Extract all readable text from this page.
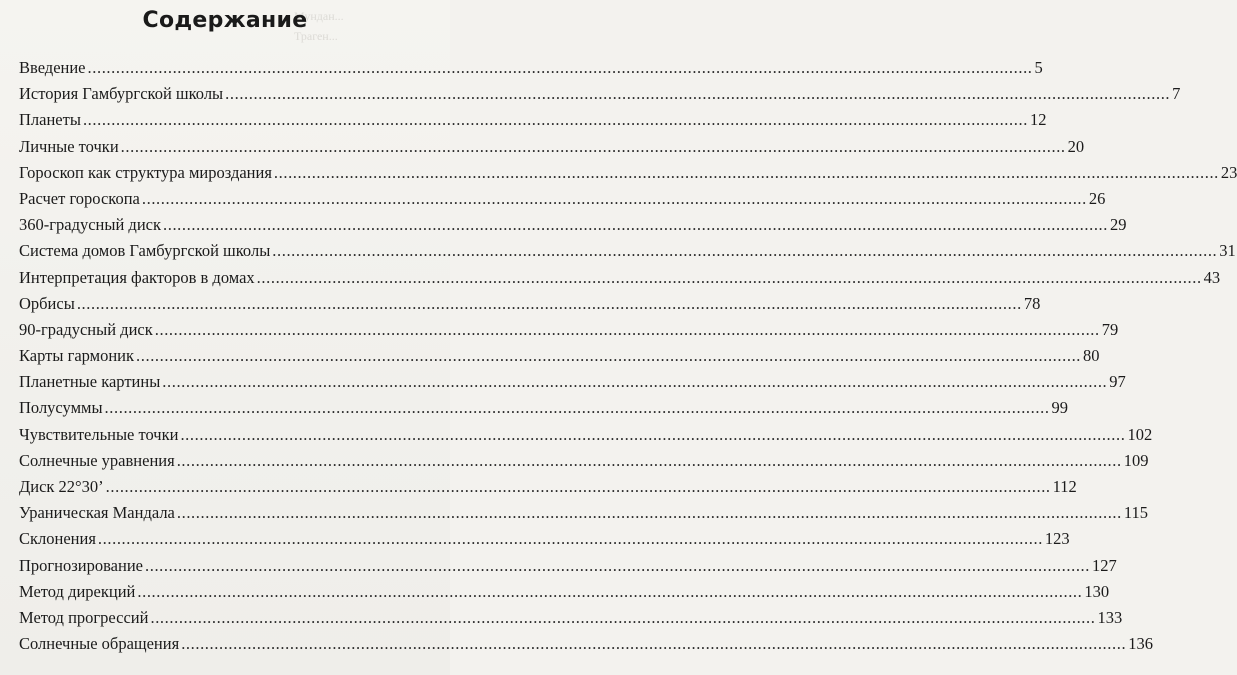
Мундан...
Траген...
Содержание
Введение ........................................................................................................................................................................................................ 5
История Гамбургской школы ........................................................................................................................................................................................................ 7
Планеты ........................................................................................................................................................................................................ 12
Личные точки ........................................................................................................................................................................................................ 20
Гороскоп как структура мироздания ........................................................................................................................................................................................................ 23
Расчет гороскопа ........................................................................................................................................................................................................ 26
360-градусный диск ........................................................................................................................................................................................................ 29
Система домов Гамбургской школы ........................................................................................................................................................................................................ 31
Интерпретация факторов в домах ........................................................................................................................................................................................................ 43
Орбисы ........................................................................................................................................................................................................ 78
90-градусный диск ........................................................................................................................................................................................................ 79
Карты гармоник ........................................................................................................................................................................................................ 80
Планетные картины ........................................................................................................................................................................................................ 97
Полусуммы ........................................................................................................................................................................................................ 99
Чувствительные точки ........................................................................................................................................................................................................ 102
Солнечные уравнения ........................................................................................................................................................................................................ 109
Диск 22°30’ ........................................................................................................................................................................................................ 112
Ураническая Мандала ........................................................................................................................................................................................................ 115
Склонения ........................................................................................................................................................................................................ 123
Прогнозирование ........................................................................................................................................................................................................ 127
Метод дирекций ........................................................................................................................................................................................................ 130
Метод прогрессий ........................................................................................................................................................................................................ 133
Солнечные обращения ........................................................................................................................................................................................................ 136
